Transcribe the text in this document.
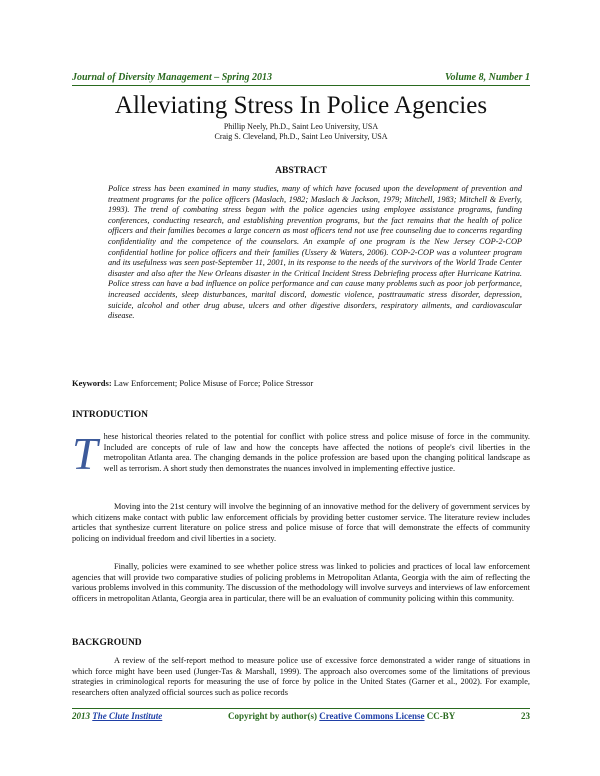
Journal of Diversity Management – Spring 2013	Volume 8, Number 1
Alleviating Stress In Police Agencies
Phillip Neely, Ph.D., Saint Leo University, USA
Craig S. Cleveland, Ph.D., Saint Leo University, USA
ABSTRACT

Police stress has been examined in many studies, many of which have focused upon the development of prevention and treatment programs for the police officers (Maslach, 1982; Maslach & Jackson, 1979; Mitchell, 1983; Mitchell & Everly, 1993). The trend of combating stress began with the police agencies using employee assistance programs, funding conferences, conducting research, and establishing prevention programs, but the fact remains that the health of police officers and their families becomes a large concern as most officers tend not use free counseling due to concerns regarding confidentiality and the competence of the counselors. An example of one program is the New Jersey COP-2-COP confidential hotline for police officers and their families (Ussery & Waters, 2006). COP-2-COP was a volunteer program and its usefulness was seen post-September 11, 2001, in its response to the needs of the survivors of the World Trade Center disaster and also after the New Orleans disaster in the Critical Incident Stress Debriefing process after Hurricane Katrina. Police stress can have a bad influence on police performance and can cause many problems such as poor job performance, increased accidents, sleep disturbances, marital discord, domestic violence, posttraumatic stress disorder, depression, suicide, alcohol and other drug abuse, ulcers and other digestive disorders, respiratory ailments, and cardiovascular disease.

Keywords: Law Enforcement; Police Misuse of Force; Police Stressor
INTRODUCTION

These historical theories related to the potential for conflict with police stress and police misuse of force in the community. Included are concepts of rule of law and how the concepts have affected the notions of people's civil liberties in the metropolitan Atlanta area. The changing demands in the police profession are based upon the changing political landscape as well as terrorism. A short study then demonstrates the nuances involved in implementing effective justice.

Moving into the 21st century will involve the beginning of an innovative method for the delivery of government services by which citizens make contact with public law enforcement officials by providing better customer service. The literature review includes articles that synthesize current literature on police stress and police misuse of force that will demonstrate the effects of community policing on individual freedom and civil liberties in a society.

Finally, policies were examined to see whether police stress was linked to policies and practices of local law enforcement agencies that will provide two comparative studies of policing problems in Metropolitan Atlanta, Georgia with the aim of reflecting the various problems involved in this community. The discussion of the methodology will involve surveys and interviews of law enforcement officers in metropolitan Atlanta, Georgia area in particular, there will be an evaluation of community policing within this community.

BACKGROUND

A review of the self-report method to measure police use of excessive force demonstrated a wider range of situations in which force might have been used (Junger-Tas & Marshall, 1999). The approach also overcomes some of the limitations of previous strategies in criminological reports for measuring the use of force by police in the United States (Garner et al., 2002). For example, researchers often analyzed official sources such as police records

2013 The Clute Institute	Copyright by author(s) Creative Commons License CC-BY	23
